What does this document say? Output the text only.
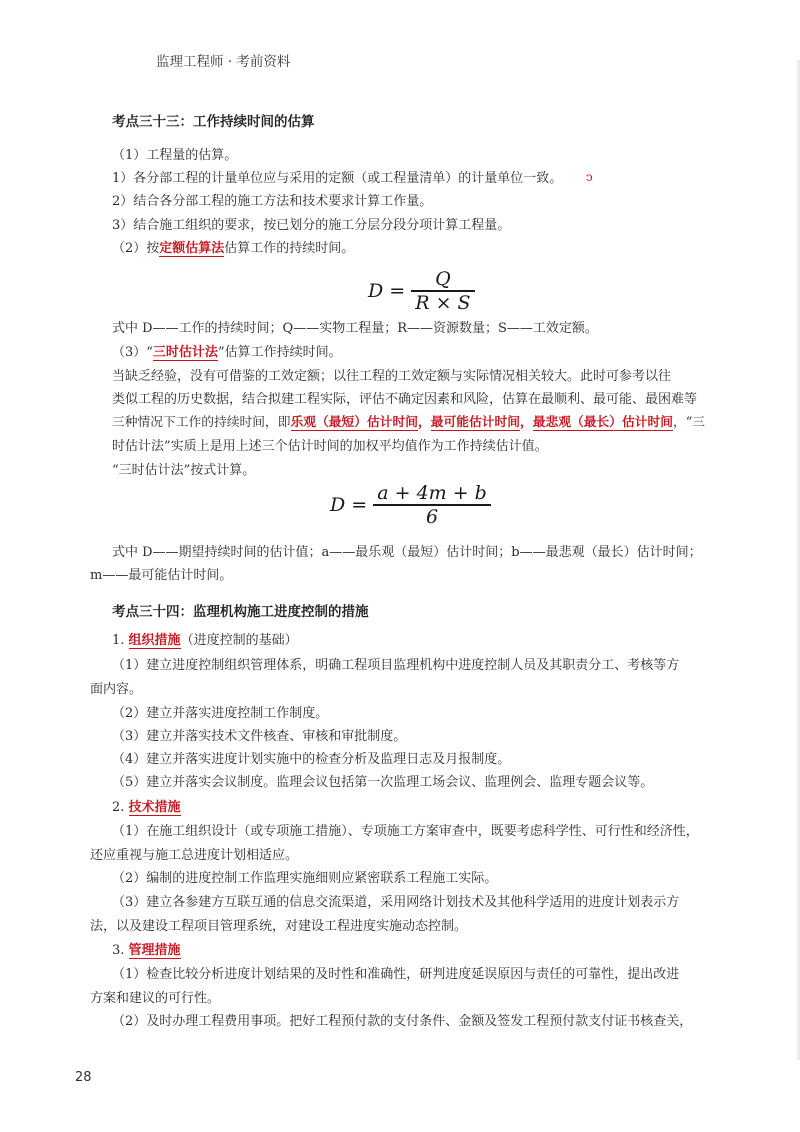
监理工程师 · 考前资料
考点三十三：工作持续时间的估算
（1）工程量的估算。
1）各分部工程的计量单位应与采用的定额（或工程量清单）的计量单位一致。 ↄ
2）结合各分部工程的施工方法和技术要求计算工作量。
3）结合施工组织的要求，按已划分的施工分层分段分项计算工程量。
（2）按定额估算法估算工作的持续时间。
$D = \frac{Q}{R \times S}$
式中 D——工作的持续时间；Q——实物工程量；R——资源数量；S——工效定额。
（3）“三时估计法”估算工作持续时间。
当缺乏经验，没有可借鉴的工效定额；以往工程的工效定额与实际情况相关较大。此时可参考以往
类似工程的历史数据，结合拟建工程实际，评估不确定因素和风险，估算在最顺利、最可能、最困难等
三种情况下工作的持续时间，即乐观（最短）估计时间，最可能估计时间，最悲观（最长）估计时间，“三
时估计法”实质上是用上述三个估计时间的加权平均值作为工作持续估计值。
“三时估计法”按式计算。
$D = \frac{a + 4m + b}{6}$
式中 D——期望持续时间的估计值；a——最乐观（最短）估计时间；b——最悲观（最长）估计时间；
m——最可能估计时间。
考点三十四：监理机构施工进度控制的措施
1. 组织措施（进度控制的基础）
（1）建立进度控制组织管理体系，明确工程项目监理机构中进度控制人员及其职责分工、考核等方
面内容。
（2）建立并落实进度控制工作制度。
（3）建立并落实技术文件核查、审核和审批制度。
（4）建立并落实进度计划实施中的检查分析及监理日志及月报制度。
（5）建立并落实会议制度。监理会议包括第一次监理工场会议、监理例会、监理专题会议等。
2. 技术措施
（1）在施工组织设计（或专项施工措施）、专项施工方案审查中，既要考虑科学性、可行性和经济性，
还应重视与施工总进度计划相适应。
（2）编制的进度控制工作监理实施细则应紧密联系工程施工实际。
（3）建立各参建方互联互通的信息交流渠道，采用网络计划技术及其他科学适用的进度计划表示方
法，以及建设工程项目管理系统，对建设工程进度实施动态控制。
3. 管理措施
（1）检查比较分析进度计划结果的及时性和准确性，研判进度延误原因与责任的可靠性，提出改进
方案和建议的可行性。
（2）及时办理工程费用事项。把好工程预付款的支付条件、金额及签发工程预付款支付证书核查关，
28
